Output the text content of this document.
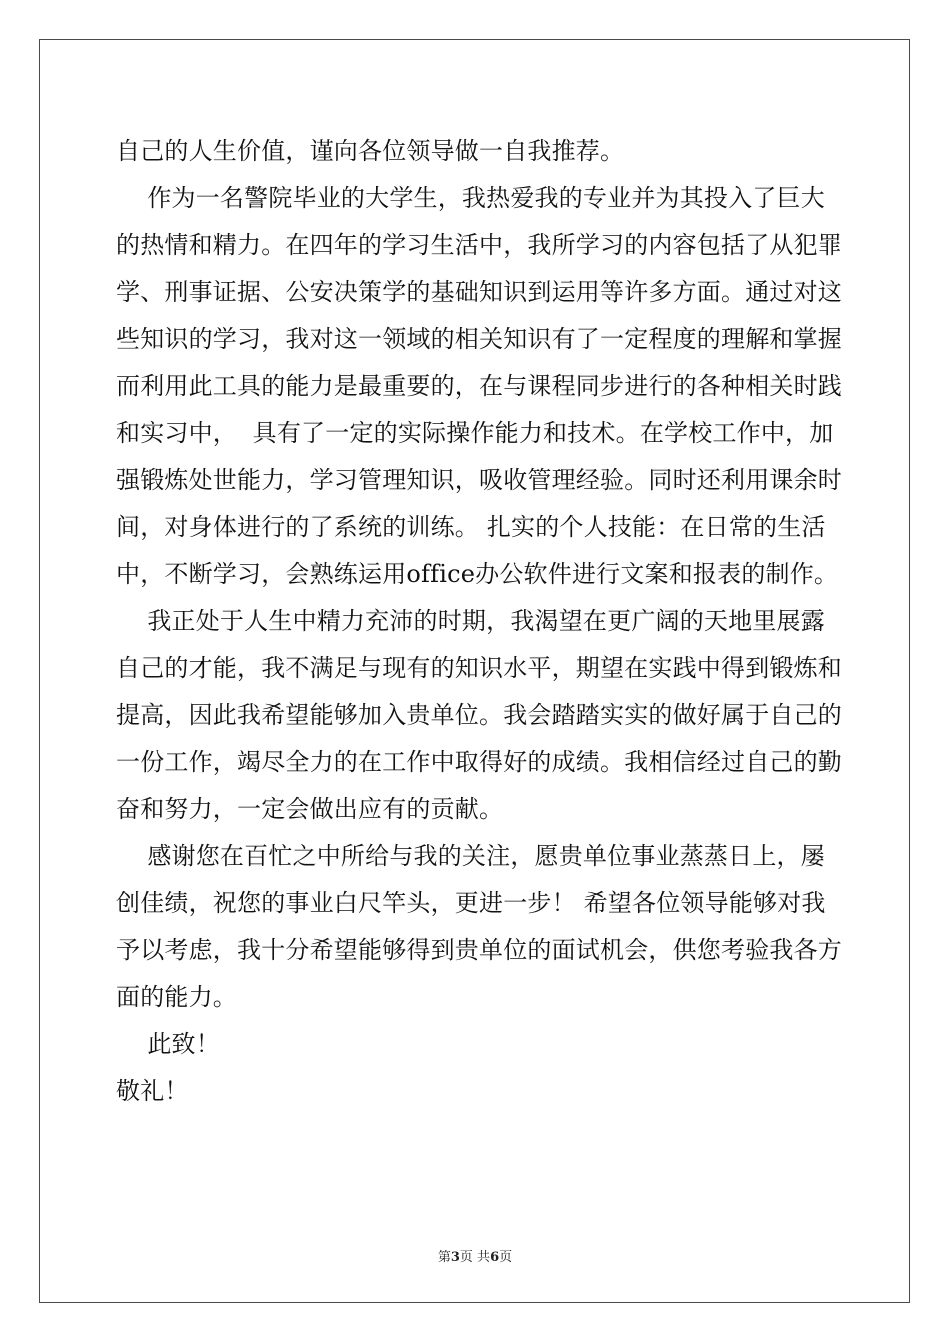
自己的人生价值，谨向各位领导做一自我推荐。
作为一名警院毕业的大学生，我热爱我的专业并为其投入了巨大
的热情和精力。在四年的学习生活中，我所学习的内容包括了从犯罪
学、刑事证据、公安决策学的基础知识到运用等许多方面。通过对这
些知识的学习，我对这一领域的相关知识有了一定程度的理解和掌握
而利用此工具的能力是最重要的，在与课程同步进行的各种相关时践
和实习中，  具有了一定的实际操作能力和技术。在学校工作中，加
强锻炼处世能力，学习管理知识，吸收管理经验。同时还利用课余时
间，对身体进行的了系统的训练。 扎实的个人技能：在日常的生活
中，不断学习，会熟练运用office办公软件进行文案和报表的制作。
我正处于人生中精力充沛的时期，我渴望在更广阔的天地里展露
自己的才能，我不满足与现有的知识水平，期望在实践中得到锻炼和
提高，因此我希望能够加入贵单位。我会踏踏实实的做好属于自己的
一份工作，竭尽全力的在工作中取得好的成绩。我相信经过自己的勤
奋和努力，一定会做出应有的贡献。
感谢您在百忙之中所给与我的关注，愿贵单位事业蒸蒸日上，屡
创佳绩，祝您的事业白尺竿头，更进一步！ 希望各位领导能够对我
予以考虑，我十分希望能够得到贵单位的面试机会，供您考验我各方
面的能力。
此致！
敬礼！
第3页 共6页
